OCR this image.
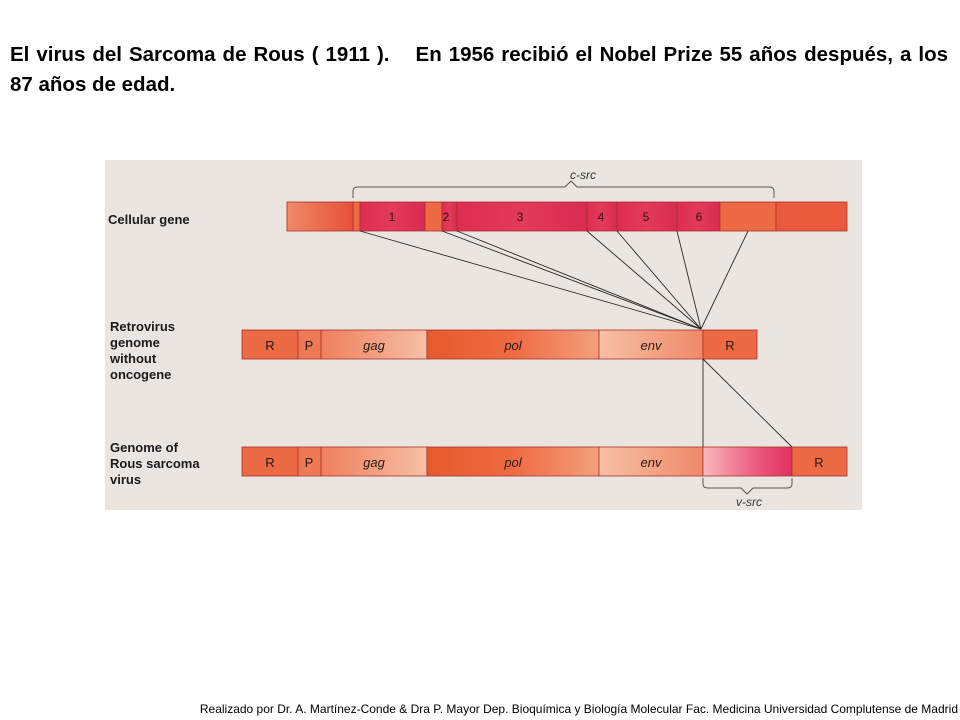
El virus del Sarcoma de Rous ( 1911 ). En 1956 recibió el Nobel Prize 55 años después, a los 87 años de edad.
Cellular gene
Retrovirus
genome
without
oncogene
Genome of
Rous sarcoma
virus
c-src
1	2	3	4	5	6
R P	gag	pol	env	R
R P	gag	pol	env	R
v-src
Realizado por Dr. A. Martínez-Conde & Dra P. Mayor Dep. Bioquímica y Biología Molecular Fac. Medicina Universidad Complutense de Madrid
